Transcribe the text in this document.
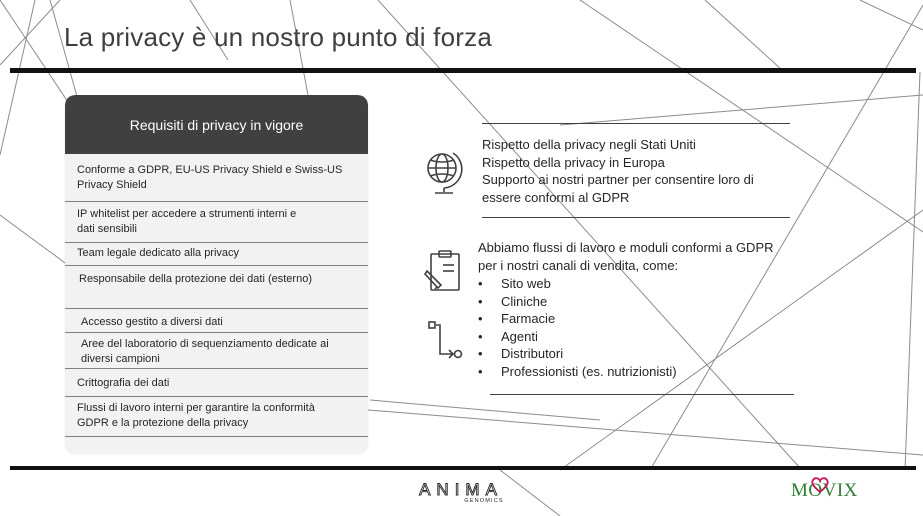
La privacy è un nostro punto di forza
Requisiti di privacy in vigore
Conforme a GDPR, EU-US Privacy Shield e Swiss-US Privacy Shield
IP whitelist per accedere a strumenti interni e dati sensibili
Team legale dedicato alla privacy
Responsabile della protezione dei dati (esterno)
Accesso gestito a diversi dati
Aree del laboratorio di sequenziamento dedicate ai diversi campioni
Crittografia dei dati
Flussi di lavoro interni per garantire la conformità GDPR e la protezione della privacy
Rispetto della privacy negli Stati Uniti
Rispetto della privacy in Europa
Supporto ai nostri partner per consentire loro di essere conformi al GDPR
Abbiamo flussi di lavoro e moduli conformi a GDPR per i nostri canali di vendita, come:
• Sito web
• Cliniche
• Farmacie
• Agenti
• Distributori
• Professionisti (es. nutrizionisti)
ANIMA
GENOMICS	MOVIX
